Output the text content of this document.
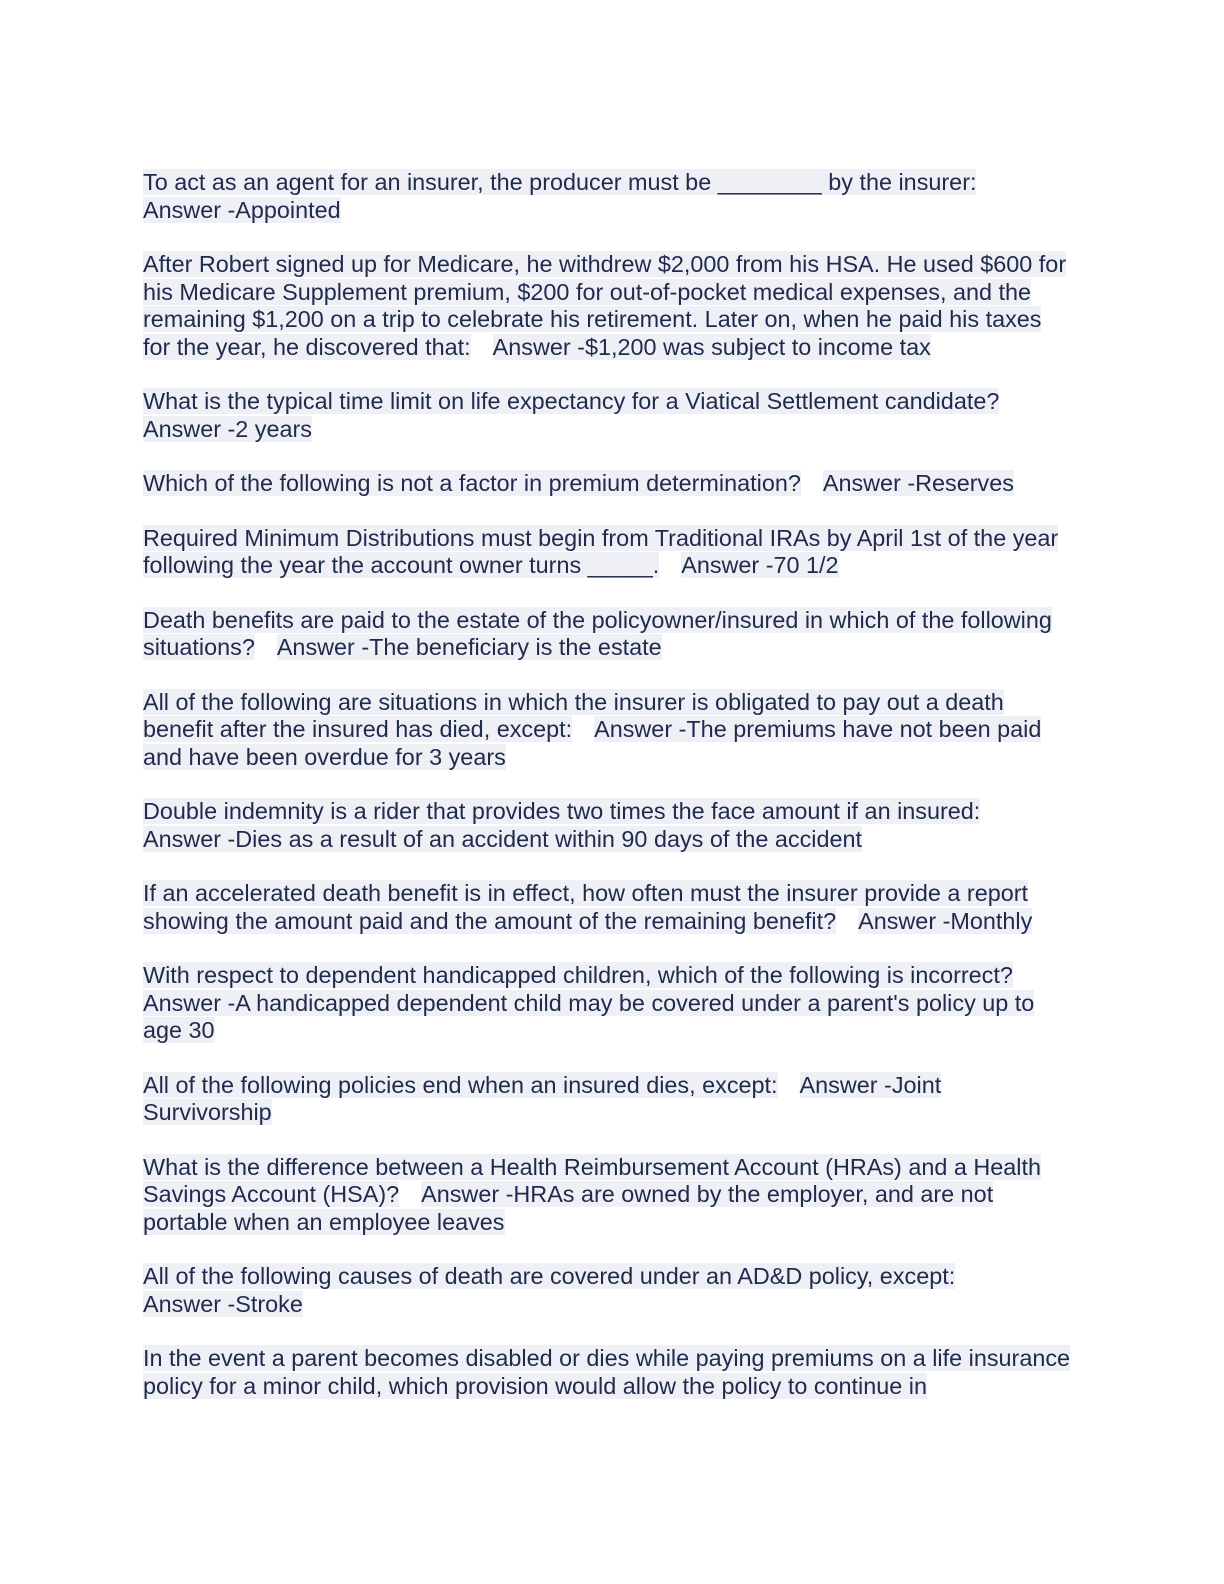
To act as an agent for an insurer, the producer must be ________ by the insurer:
Answer -Appointed

After Robert signed up for Medicare, he withdrew $2,000 from his HSA. He used $600 for his Medicare Supplement premium, $200 for out-of-pocket medical expenses, and the remaining $1,200 on a trip to celebrate his retirement. Later on, when he paid his taxes for the year, he discovered that: Answer -$1,200 was subject to income tax

What is the typical time limit on life expectancy for a Viatical Settlement candidate?
Answer -2 years

Which of the following is not a factor in premium determination? Answer -Reserves

Required Minimum Distributions must begin from Traditional IRAs by April 1st of the year following the year the account owner turns _____. Answer -70 1/2

Death benefits are paid to the estate of the policyowner/insured in which of the following situations? Answer -The beneficiary is the estate

All of the following are situations in which the insurer is obligated to pay out a death benefit after the insured has died, except: Answer -The premiums have not been paid and have been overdue for 3 years

Double indemnity is a rider that provides two times the face amount if an insured:
Answer -Dies as a result of an accident within 90 days of the accident

If an accelerated death benefit is in effect, how often must the insurer provide a report showing the amount paid and the amount of the remaining benefit? Answer -Monthly

With respect to dependent handicapped children, which of the following is incorrect?
Answer -A handicapped dependent child may be covered under a parent's policy up to age 30

All of the following policies end when an insured dies, except: Answer -Joint Survivorship

What is the difference between a Health Reimbursement Account (HRAs) and a Health Savings Account (HSA)? Answer -HRAs are owned by the employer, and are not portable when an employee leaves

All of the following causes of death are covered under an AD&D policy, except:
Answer -Stroke

In the event a parent becomes disabled or dies while paying premiums on a life insurance policy for a minor child, which provision would allow the policy to continue in
